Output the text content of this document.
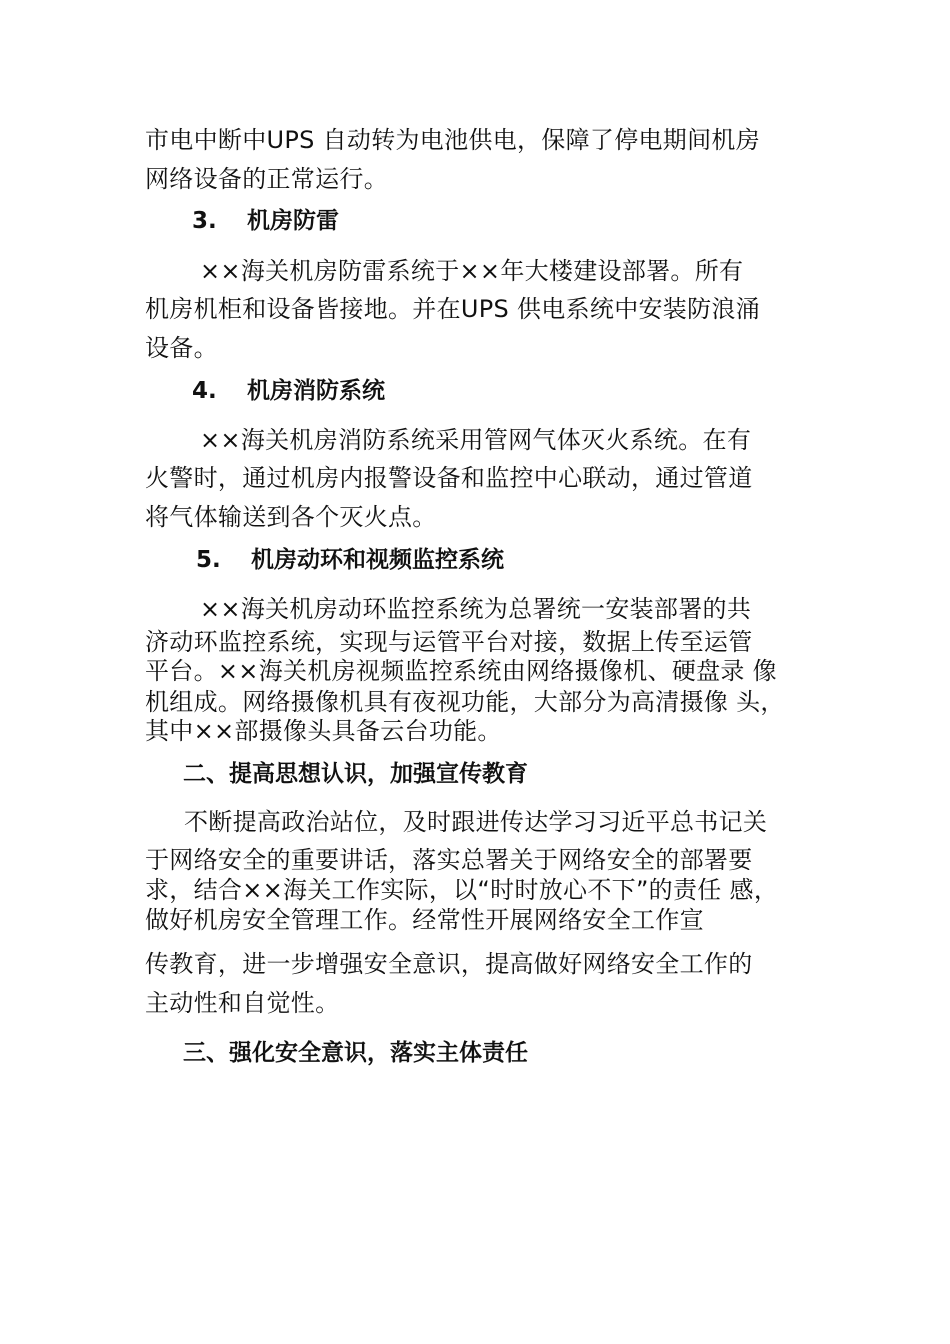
市电中断中UPS 自动转为电池供电，保障了停电期间机房
网络设备的正常运行。
3. 机房防雷
××海关机房防雷系统于××年大楼建设部署。所有
机房机柜和设备皆接地。并在UPS 供电系统中安装防浪涌
设备。
4. 机房消防系统
××海关机房消防系统采用管网气体灭火系统。在有
火警时，通过机房内报警设备和监控中心联动，通过管道
将气体输送到各个灭火点。
5. 机房动环和视频监控系统
××海关机房动环监控系统为总署统一安装部署的共
济动环监控系统，实现与运管平台对接，数据上传至运管
平台。××海关机房视频监控系统由网络摄像机、硬盘录 像
机组成。网络摄像机具有夜视功能，大部分为高清摄像 头，
其中××部摄像头具备云台功能。
二、提高思想认识，加强宣传教育
不断提高政治站位，及时跟进传达学习习近平总书记关
于网络安全的重要讲话，落实总署关于网络安全的部署要
求，结合××海关工作实际，以“时时放心不下”的责任 感，
做好机房安全管理工作。经常性开展网络安全工作宣
传教育，进一步增强安全意识，提高做好网络安全工作的
主动性和自觉性。
三、强化安全意识，落实主体责任
